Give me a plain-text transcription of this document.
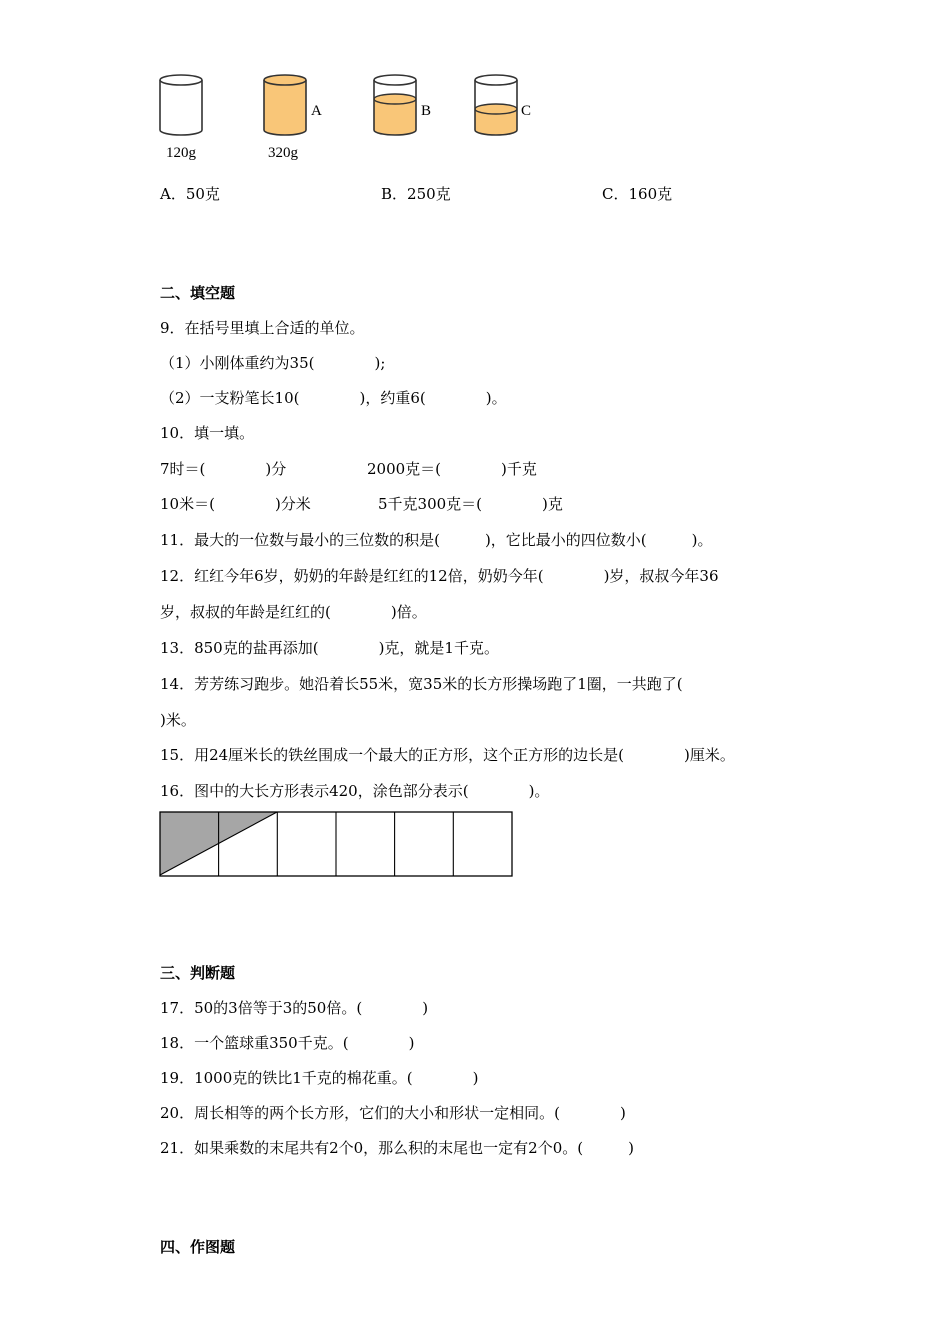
A	B	C
120g	320g
A．50克	B．250克	C．160克
二、填空题
9．在括号里填上合适的单位。
（1）小刚体重约为35(　　　　);
（2）一支粉笔长10(　　　　)，约重6(　　　　)。
10．填一填。
7时＝(　　　　)分	2000克＝(　　　　)千克
10米＝(　　　　)分米	5千克300克＝(　　　　)克
11．最大的一位数与最小的三位数的积是(　　　)，它比最小的四位数小(　　　)。
12．红红今年6岁，奶奶的年龄是红红的12倍，奶奶今年(　　　　)岁，叔叔今年36
岁，叔叔的年龄是红红的(　　　　)倍。
13．850克的盐再添加(　　　　)克，就是1千克。
14．芳芳练习跑步。她沿着长55米，宽35米的长方形操场跑了1圈，一共跑了(
)米。
15．用24厘米长的铁丝围成一个最大的正方形，这个正方形的边长是(　　　　)厘米。
16．图中的大长方形表示420，涂色部分表示(　　　　)。
三、判断题
17．50的3倍等于3的50倍。(　　　　)
18．一个篮球重350千克。(　　　　)
19．1000克的铁比1千克的棉花重。(　　　　)
20．周长相等的两个长方形，它们的大小和形状一定相同。(　　　　)
21．如果乘数的末尾共有2个0，那么积的末尾也一定有2个0。(　　　)
四、作图题
